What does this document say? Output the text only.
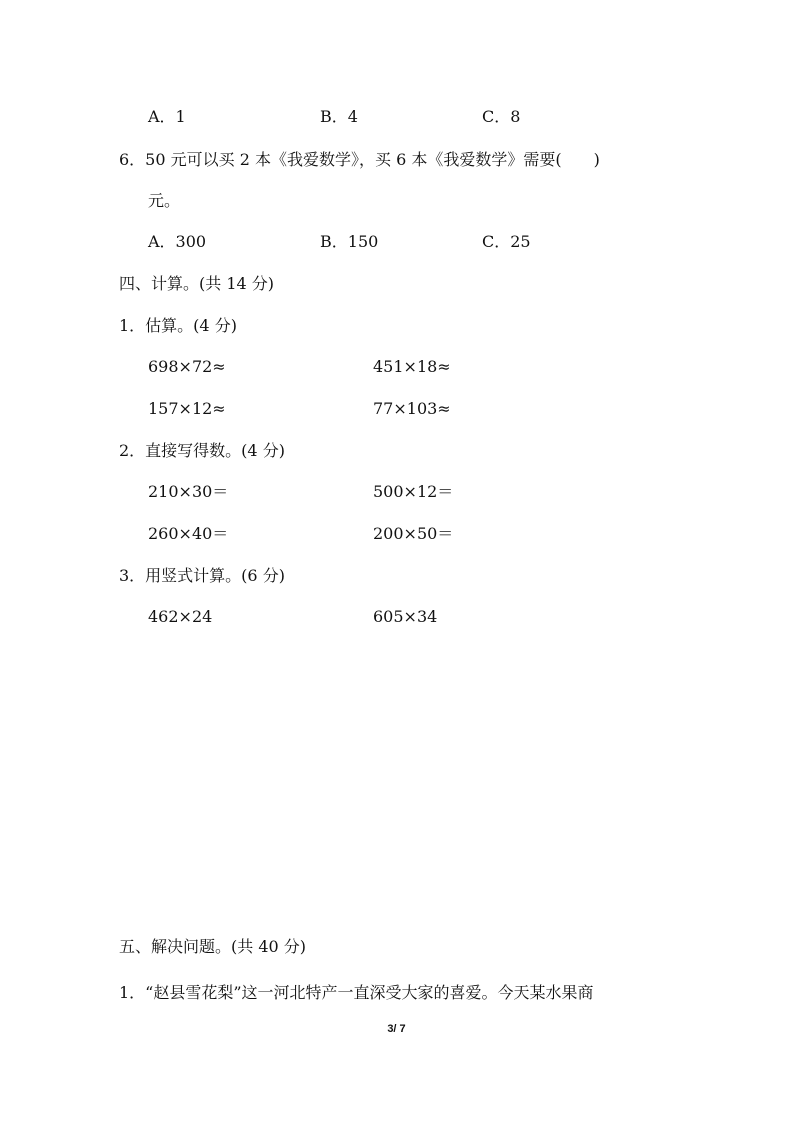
A．1	B．4	C．8
6．50 元可以买 2 本《我爱数学》，买 6 本《我爱数学》需要(　　)
元。
A．300	B．150	C．25
四、计算。(共 14 分)
1．估算。(4 分)
698×72≈	451×18≈
157×12≈	77×103≈
2．直接写得数。(4 分)
210×30＝	500×12＝
260×40＝	200×50＝
3．用竖式计算。(6 分)
462×24	605×34
五、解决问题。(共 40 分)
1．“赵县雪花梨”这一河北特产一直深受大家的喜爱。今天某水果商
3/ 7
